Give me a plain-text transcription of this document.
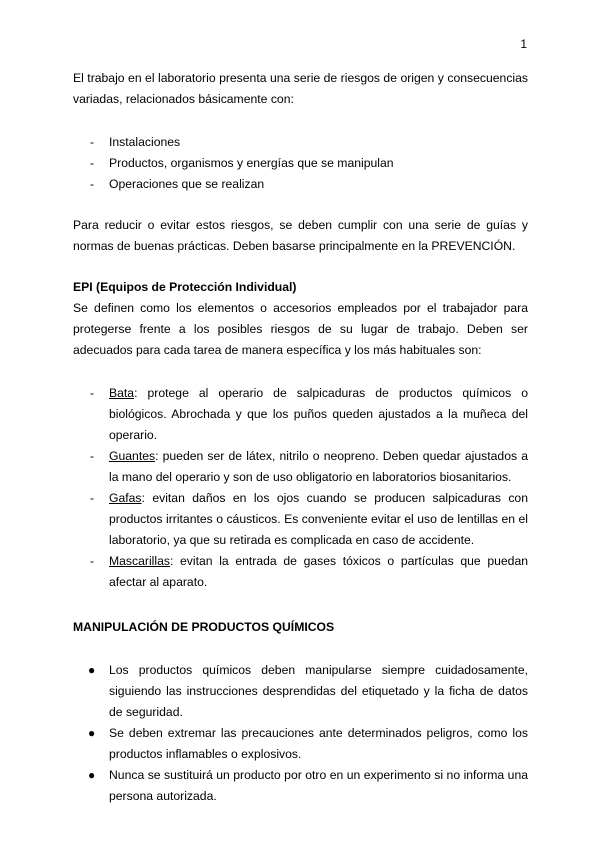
1

El trabajo en el laboratorio presenta una serie de riesgos de origen y consecuencias variadas, relacionados básicamente con:

- Instalaciones
- Productos, organismos y energías que se manipulan
- Operaciones que se realizan

Para reducir o evitar estos riesgos, se deben cumplir con una serie de guías y normas de buenas prácticas. Deben basarse principalmente en la PREVENCIÓN.

EPI (Equipos de Protección Individual)

Se definen como los elementos o accesorios empleados por el trabajador para protegerse frente a los posibles riesgos de su lugar de trabajo. Deben ser adecuados para cada tarea de manera específica y los más habituales son:

- Bata: protege al operario de salpicaduras de productos químicos o biológicos. Abrochada y que los puños queden ajustados a la muñeca del operario.
- Guantes: pueden ser de látex, nitrilo o neopreno. Deben quedar ajustados a la mano del operario y son de uso obligatorio en laboratorios biosanitarios.
- Gafas: evitan daños en los ojos cuando se producen salpicaduras con productos irritantes o cáusticos. Es conveniente evitar el uso de lentillas en el laboratorio, ya que su retirada es complicada en caso de accidente.
- Mascarillas: evitan la entrada de gases tóxicos o partículas que puedan afectar al aparato.
MANIPULACIÓN DE PRODUCTOS QUÍMICOS
● Los productos químicos deben manipularse siempre cuidadosamente, siguiendo las instrucciones desprendidas del etiquetado y la ficha de datos de seguridad.
● Se deben extremar las precauciones ante determinados peligros, como los productos inflamables o explosivos.
● Nunca se sustituirá un producto por otro en un experimento si no informa una persona autorizada.
